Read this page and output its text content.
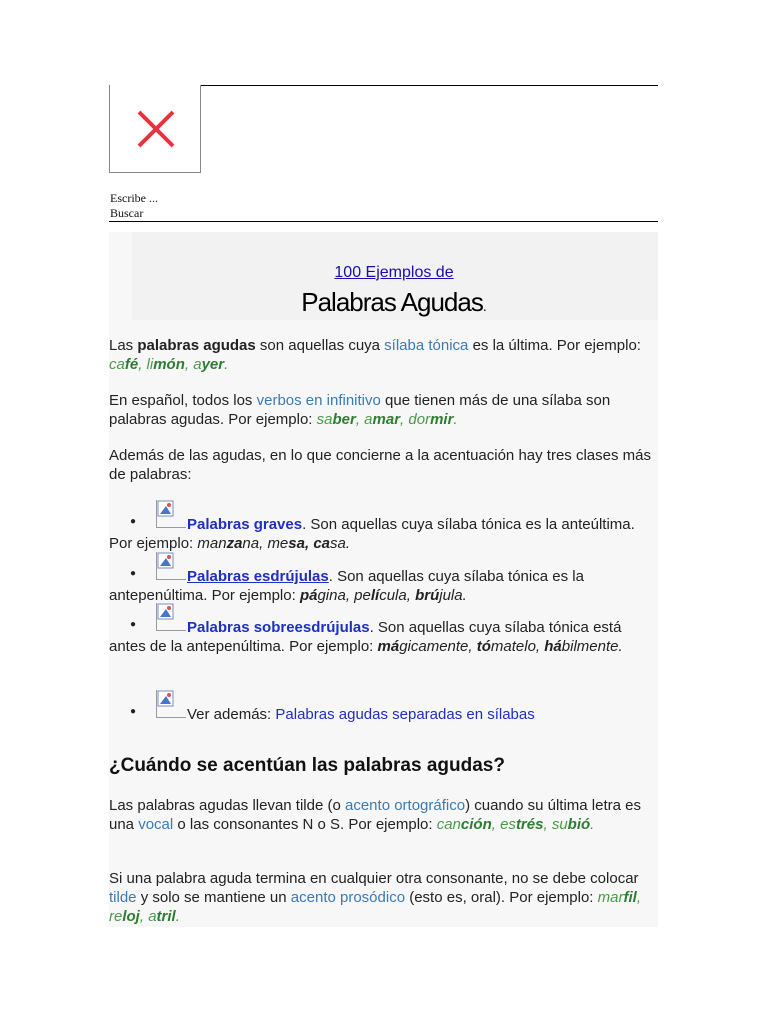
Escribe ...
Buscar
100 Ejemplos de
Palabras Agudas.
Las palabras agudas son aquellas cuya sílaba tónica es la última. Por ejemplo: café, limón, ayer.
En español, todos los verbos en infinitivo que tienen más de una sílaba son palabras agudas. Por ejemplo: saber, amar, dormir.
Además de las agudas, en lo que concierne a la acentuación hay tres clases más de palabras:
●	Palabras graves. Son aquellas cuya sílaba tónica es la anteúltima. Por ejemplo: manzana, mesa, casa.
●	Palabras esdrújulas. Son aquellas cuya sílaba tónica es la antepenúltima. Por ejemplo: página, película, brújula.
●	Palabras sobreesdrújulas. Son aquellas cuya sílaba tónica está antes de la antepenúltima. Por ejemplo: mágicamente, tómatelo, hábilmente.
●	Ver además: Palabras agudas separadas en sílabas
¿Cuándo se acentúan las palabras agudas?
Las palabras agudas llevan tilde (o acento ortográfico) cuando su última letra es una vocal o las consonantes N o S. Por ejemplo: canción, estrés, subió.
Si una palabra aguda termina en cualquier otra consonante, no se debe colocar tilde y solo se mantiene un acento prosódico (esto es, oral). Por ejemplo: marfil, reloj, atril.
